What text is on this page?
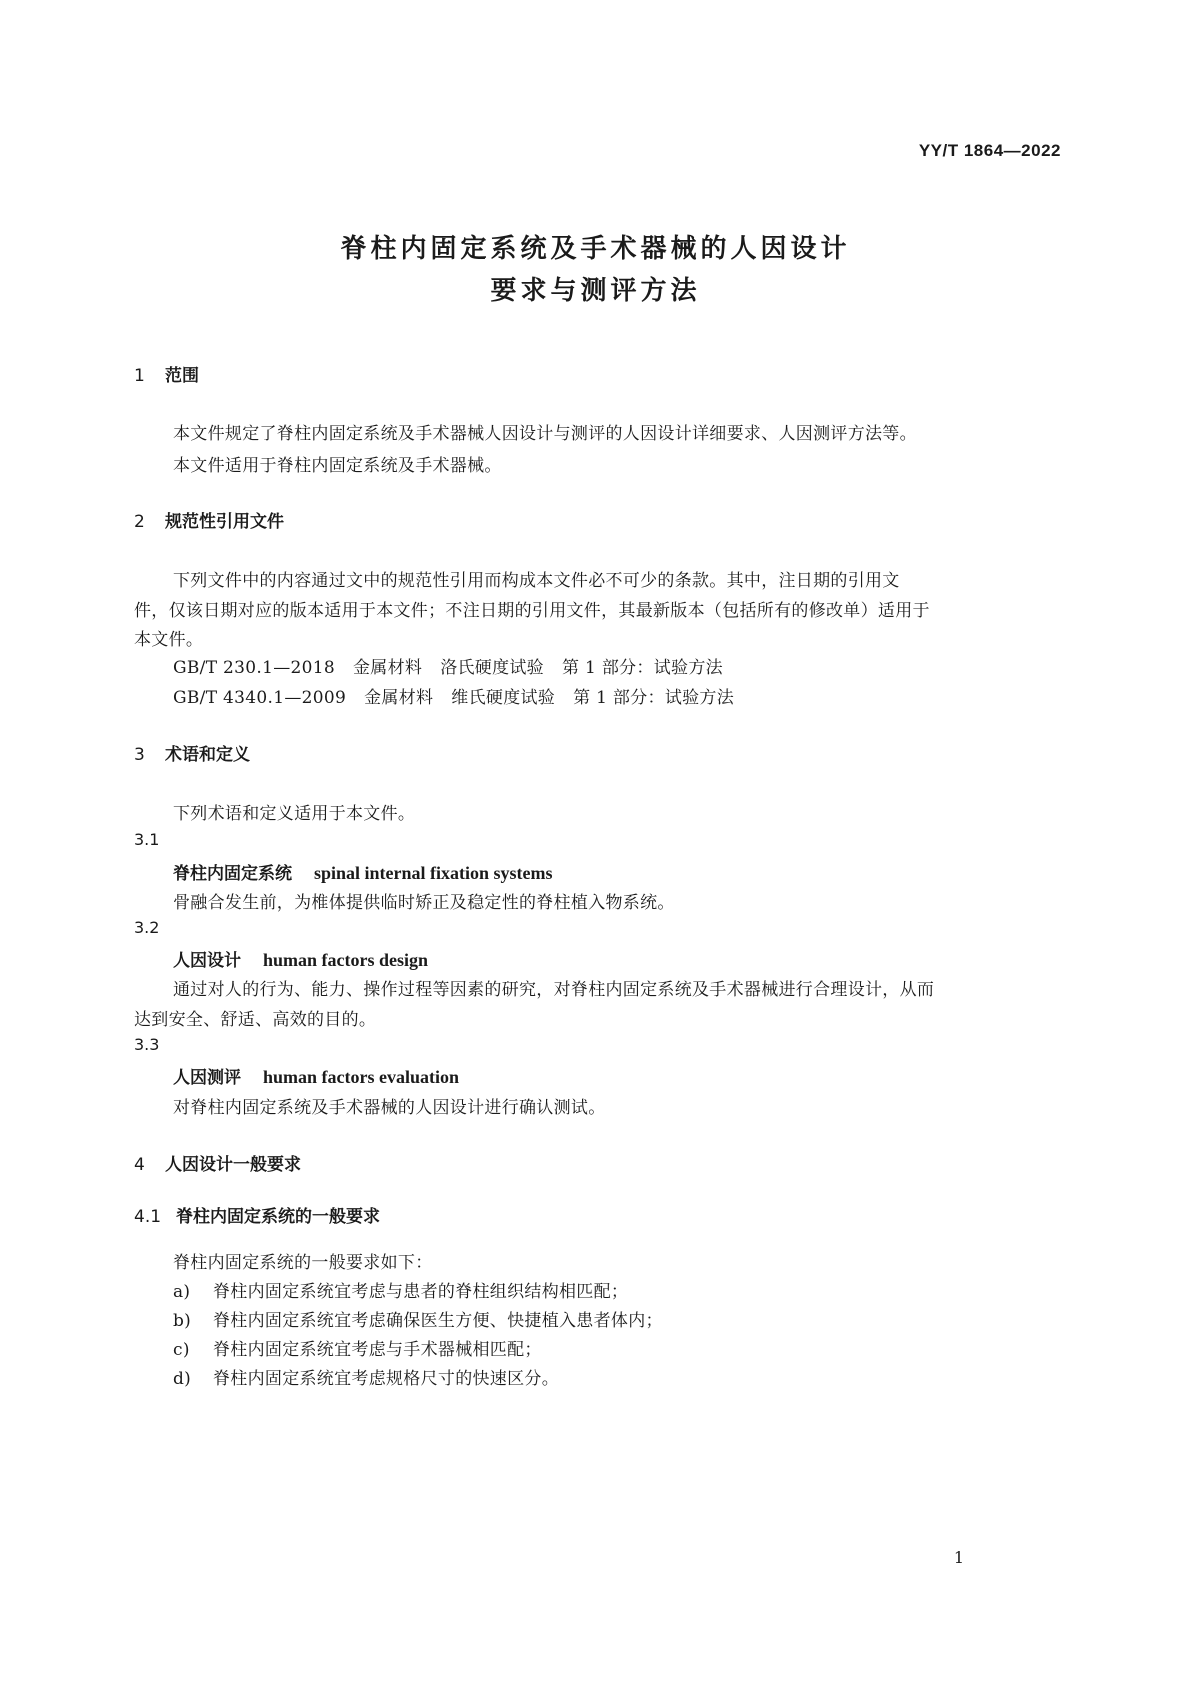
YY/T 1864—2022
脊柱内固定系统及手术器械的人因设计
要求与测评方法
1 范围
本文件规定了脊柱内固定系统及手术器械人因设计与测评的人因设计详细要求、人因测评方法等。
本文件适用于脊柱内固定系统及手术器械。
2 规范性引用文件
下列文件中的内容通过文中的规范性引用而构成本文件必不可少的条款。其中，注日期的引用文
件，仅该日期对应的版本适用于本文件；不注日期的引用文件，其最新版本（包括所有的修改单）适用于
本文件。
GB/T 230.1—2018 金属材料 洛氏硬度试验 第 1 部分：试验方法
GB/T 4340.1—2009 金属材料 维氏硬度试验 第 1 部分：试验方法
3 术语和定义
下列术语和定义适用于本文件。
3.1
脊柱内固定系统 spinal internal fixation systems
骨融合发生前，为椎体提供临时矫正及稳定性的脊柱植入物系统。
3.2
人因设计 human factors design
通过对人的行为、能力、操作过程等因素的研究，对脊柱内固定系统及手术器械进行合理设计，从而
达到安全、舒适、高效的目的。
3.3
人因测评 human factors evaluation
对脊柱内固定系统及手术器械的人因设计进行确认测试。
4 人因设计一般要求
4.1 脊柱内固定系统的一般要求
脊柱内固定系统的一般要求如下：
a) 脊柱内固定系统宜考虑与患者的脊柱组织结构相匹配；
b) 脊柱内固定系统宜考虑确保医生方便、快捷植入患者体内；
c) 脊柱内固定系统宜考虑与手术器械相匹配；
d) 脊柱内固定系统宜考虑规格尺寸的快速区分。
1
